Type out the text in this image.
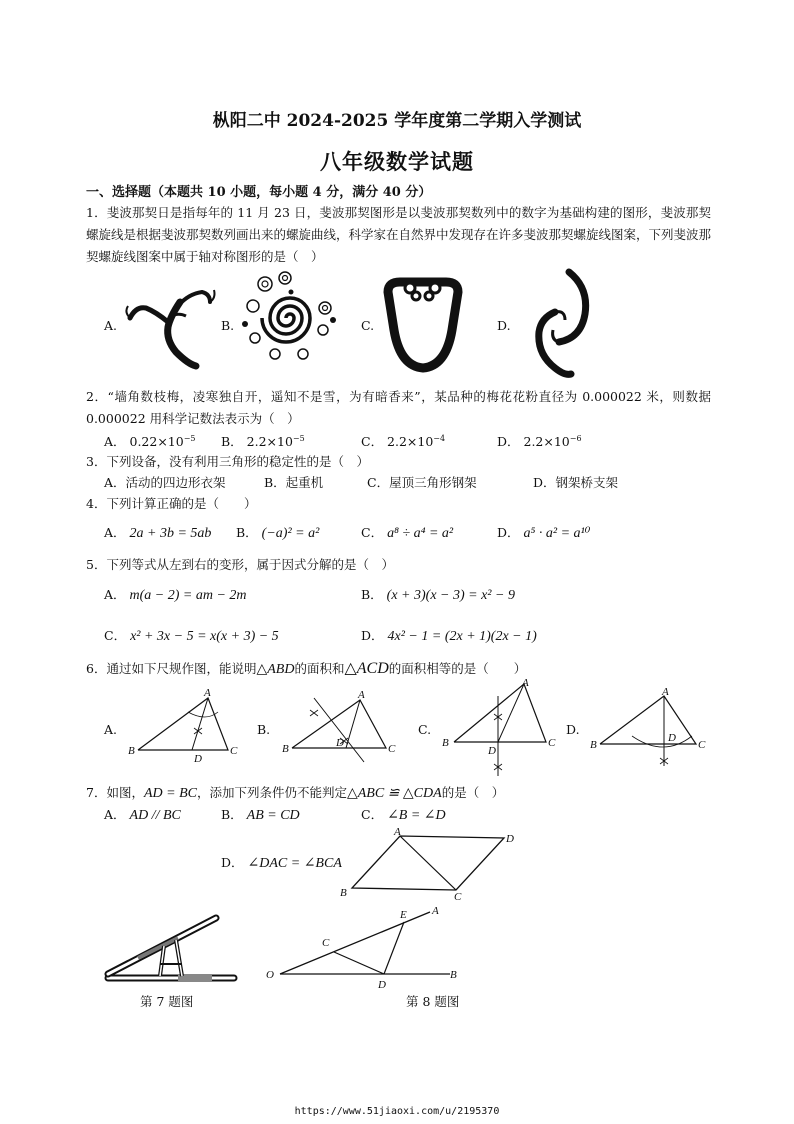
枞阳二中 2024-2025 学年度第二学期入学测试
八年级数学试题
一、选择题（本题共 10 小题，每小题 4 分，满分 40 分）
1．斐波那契日是指每年的 11 月 23 日，斐波那契图形是以斐波那契数列中的数字为基础构建的图形，斐波那契螺旋线是根据斐波那契数列画出来的螺旋曲线，科学家在自然界中发现存在许多斐波那契螺旋线图案，下列斐波那契螺旋线图案中属于轴对称图形的是（　）
A.	B.	C.	D.
2．“墙角数枝梅，凌寒独自开，遥知不是雪，为有暗香来”，某品种的梅花花粉直径为 0.000022 米，则数据 0.000022 用科学记数法表示为（　）
A． $0.22\times 10^{-5}$ B． $2.2\times 10^{-5}$	C． $2.2\times 10^{-4}$	D． $2.2\times 10^{-6}$
3．下列设备，没有利用三角形的稳定性的是（　）
A．活动的四边形衣架	B．起重机	C．屋顶三角形钢架	D．钢架桥支架
4．下列计算正确的是（　　）
A． 2a + 3b = 5ab B． (−a)² = a²	C． a⁸ ÷ a⁴ = a²	D． a⁵ · a² = a¹⁰
5．下列等式从左到右的变形，属于因式分解的是（　）
A． m(a − 2) = am − 2m	B． (x + 3)(x − 3) = x² − 9
C． x² + 3x − 5 = x(x + 3) − 5	D． 4x² − 1 = (2x + 1)(2x − 1)
6．通过如下尺规作图，能说明△ABD的面积和△ACD的面积相等的是（　　）
A.	B.	C.	D.
A
B	C
D
A
B	C
D
A
B	C
D
A
B	C
D
7．如图，AD = BC，添加下列条件仍不能判定△ABC ≌ △CDA的是（　）
A． AD // BC	B． AB = CD	C． ∠B = ∠D
D． ∠DAC = ∠BCA
A
D
B	C
第 7 题图
O	B
A
E
C
D
第 8 题图
https://www.51jiaoxi.com/u/2195370
